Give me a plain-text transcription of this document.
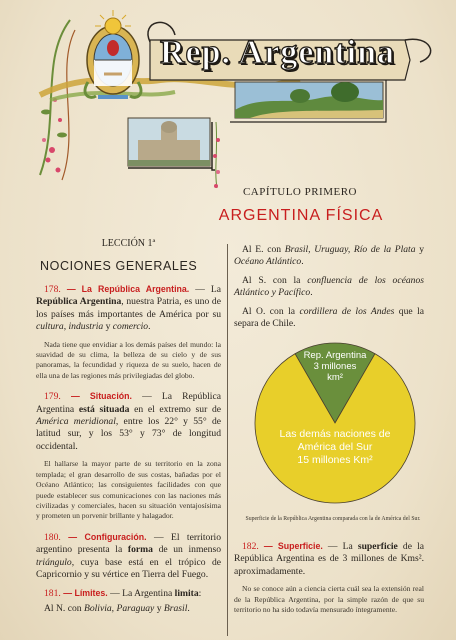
Rep. Argentina
CAPÍTULO PRIMERO
ARGENTINA FÍSICA
LECCIÓN 1ª
NOCIONES GENERALES

178. — La República Argentina. — La República Argentina, nuestra Patria, es uno de los países más importantes de América por su cultura, industria y comercio.

Nada tiene que envidiar a los demás países del mundo: la suavidad de su clima, la belleza de su cielo y de sus panoramas, la fecundidad y riqueza de su suelo, hacen de ella una de las regiones más privilegiadas del globo.

179. — Situación. — La República Argentina está situada en el extremo sur de América meridional, entre los 22° y 55° de latitud sur, y los 53° y 73° de longitud occidental.

El hallarse la mayor parte de su territorio en la zona templada; el gran desarrollo de sus costas, bañadas por el Océano Atlántico; las consiguientes facilidades con que puede establecer sus comunicaciones con las naciones más civilizadas y comerciales, hacen su situación ventajosísima y prometen un porvenir brillante y halagador.

180. — Configuración. — El territorio argentino presenta la forma de un inmenso triángulo, cuya base está en el trópico de Capricornio y su vértice en Tierra del Fuego.

181. — Límites. — La Argentina limita:

Al N. con Bolivia, Paraguay y Brasil.

Al E. con Brasil, Uruguay, Río de la Plata y Océano Atlántico.

Al S. con la confluencia de los océanos Atlántico y Pacífico.

Al O. con la cordillera de los Andes que la separa de Chile.

Rep. Argentina
3 millones
km²
Las demás naciones de
América del Sur
15 millones Km²
Superficie de la República Argentina comparada con la de América del Sur.

182. — Superficie. — La superficie de la República Argentina es de 3 millones de Kms². aproximadamente.

No se conoce aún a ciencia cierta cuál sea la extensión real de la República Argentina, por la simple razón de que su territorio no ha sido todavía mensurado íntegramente.
